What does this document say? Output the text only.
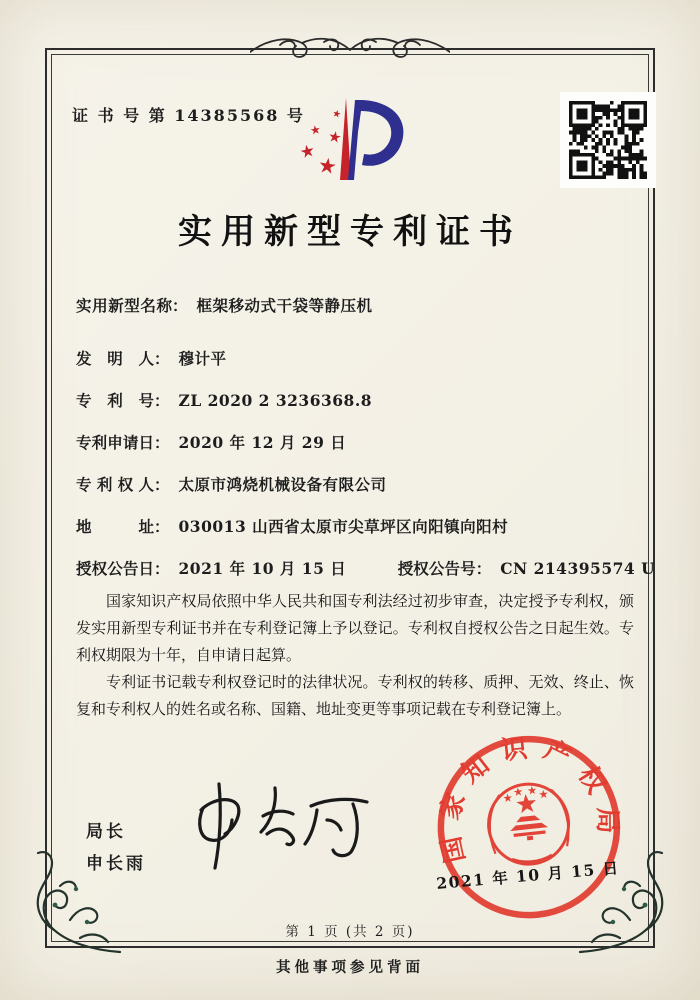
证 书 号 第 14385568 号	★
★ ★
★
★
实用新型专利证书
实用新型名称： 框架移动式干袋等静压机
发明人： 穆计平
专利号： ZL 2020 2 3236368.8
专利申请日： 2020 年 12 月 29 日
专利权人： 太原市鸿烧机械设备有限公司
地址： 030013 山西省太原市尖草坪区向阳镇向阳村
授权公告日： 2021 年 10 月 15 日	授权公告号： CN 214395574 U

国家知识产权局依照中华人民共和国专利法经过初步审查，决定授予专利权，颁发实用新型专利证书并在专利登记簿上予以登记。专利权自授权公告之日起生效。专利权期限为十年，自申请日起算。

专利证书记载专利权登记时的法律状况。专利权的转移、质押、无效、终止、恢复和专利权人的姓名或名称、国籍、地址变更等事项记载在专利登记簿上。

局长
申长雨	国家知识产权局
2021 年 10 月 15 日
第 1 页 (共 2 页)
其他事项参见背面
